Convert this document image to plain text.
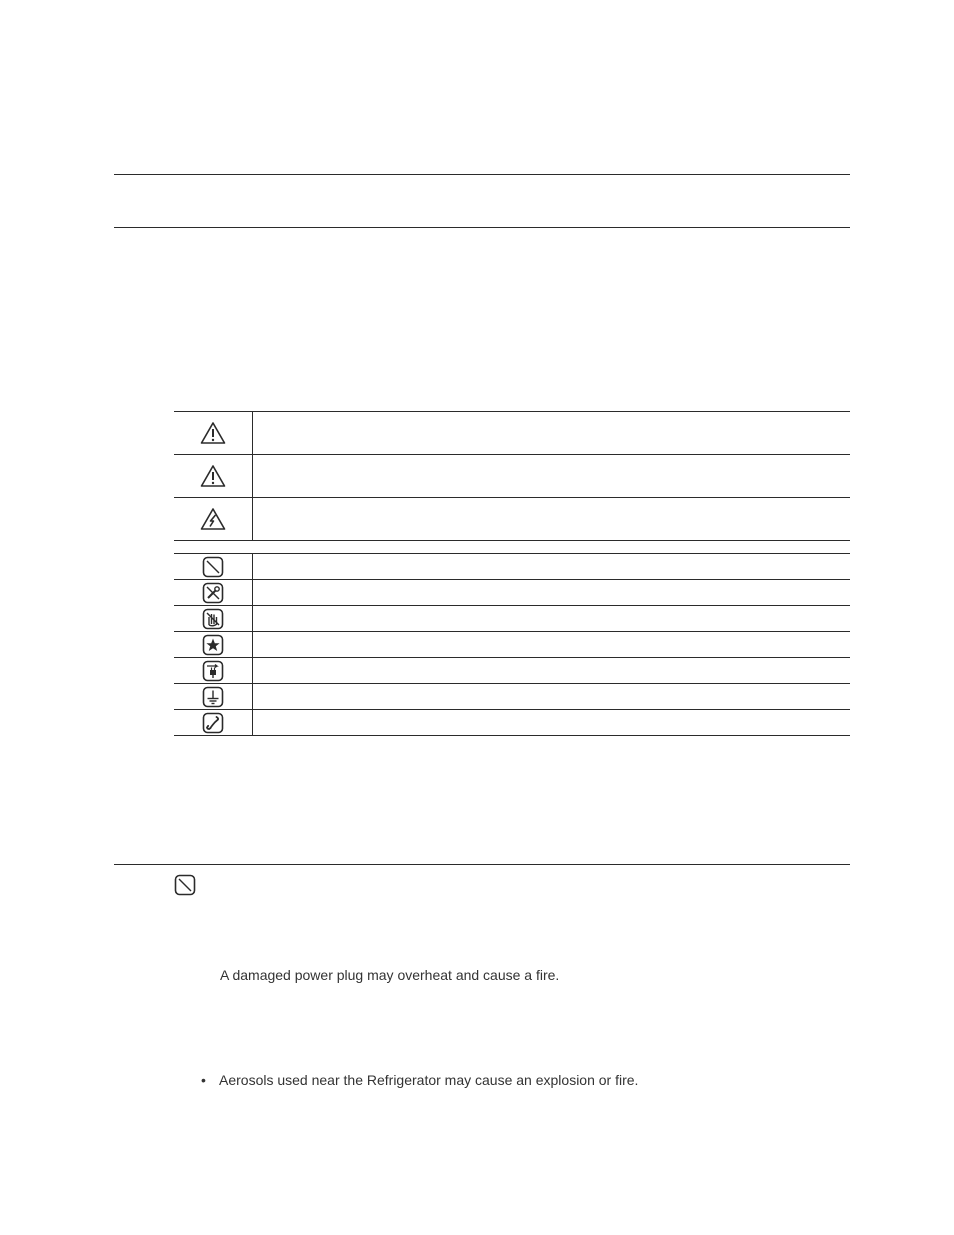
A damaged power plug may overheat and cause a fire.
• Aerosols used near the Refrigerator may cause an explosion or fire.
